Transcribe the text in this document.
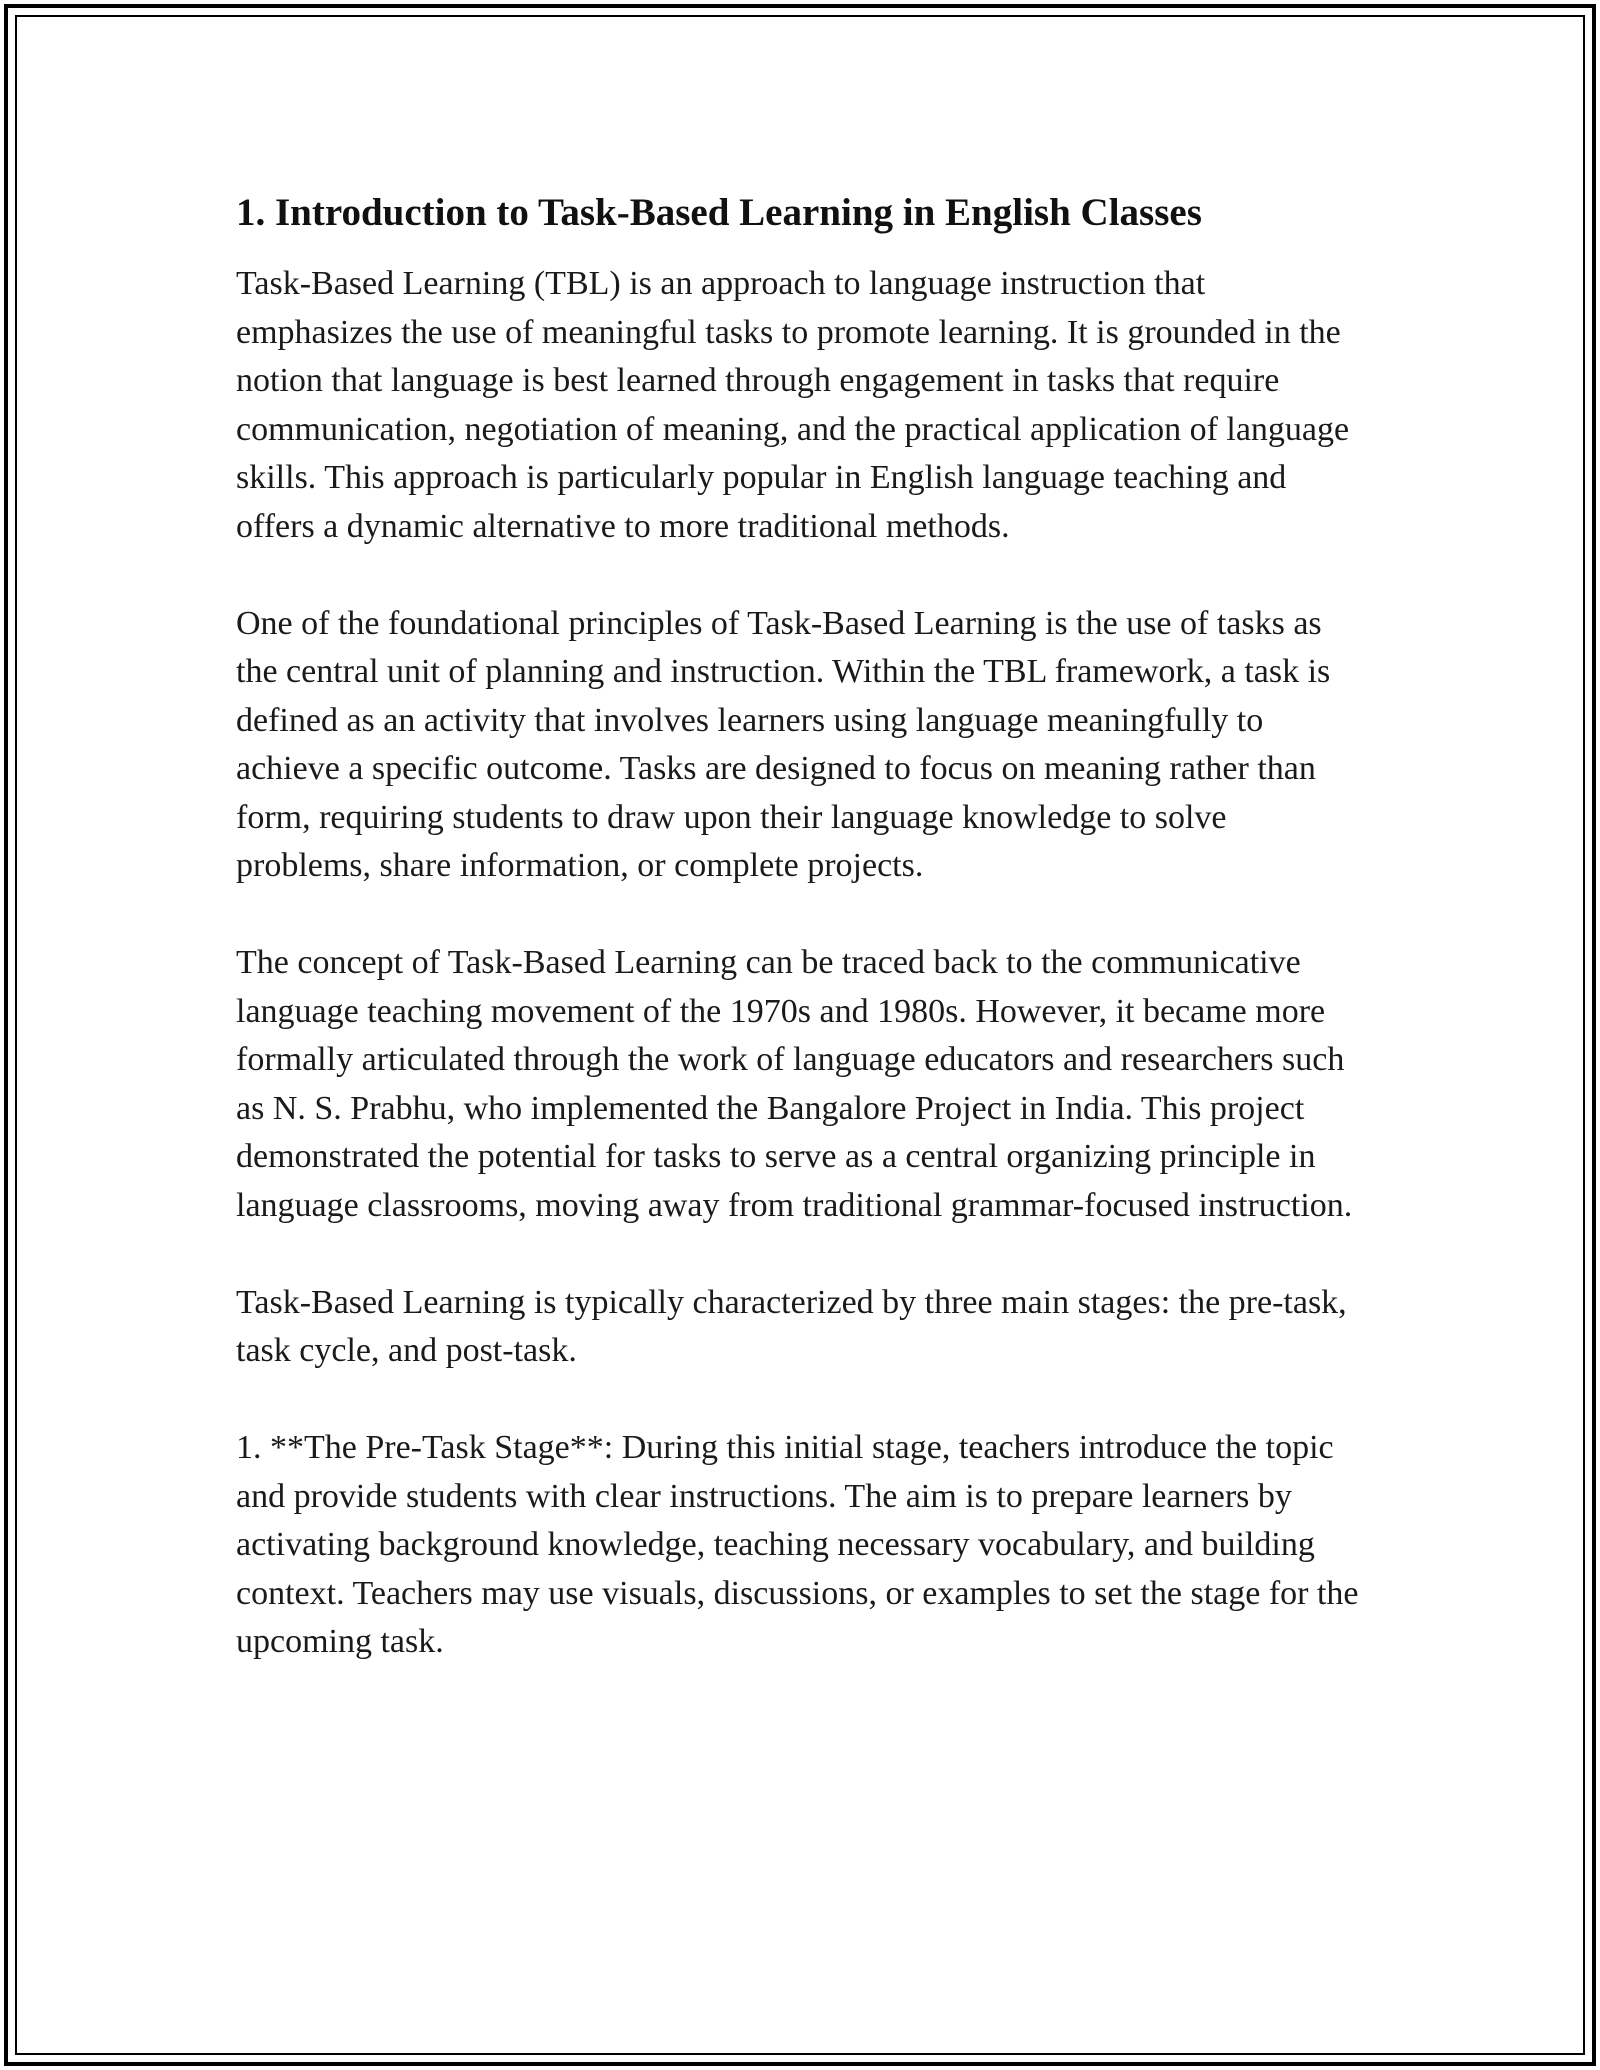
1. Introduction to Task-Based Learning in English Classes

Task-Based Learning (TBL) is an approach to language instruction that emphasizes the use of meaningful tasks to promote learning. It is grounded in the notion that language is best learned through engagement in tasks that require communication, negotiation of meaning, and the practical application of language skills. This approach is particularly popular in English language teaching and offers a dynamic alternative to more traditional methods.

One of the foundational principles of Task-Based Learning is the use of tasks as the central unit of planning and instruction. Within the TBL framework, a task is defined as an activity that involves learners using language meaningfully to achieve a specific outcome. Tasks are designed to focus on meaning rather than form, requiring students to draw upon their language knowledge to solve problems, share information, or complete projects.

The concept of Task-Based Learning can be traced back to the communicative language teaching movement of the 1970s and 1980s. However, it became more formally articulated through the work of language educators and researchers such as N. S. Prabhu, who implemented the Bangalore Project in India. This project demonstrated the potential for tasks to serve as a central organizing principle in language classrooms, moving away from traditional grammar-focused instruction.

Task-Based Learning is typically characterized by three main stages: the pre-task, task cycle, and post-task.

1. **The Pre-Task Stage**: During this initial stage, teachers introduce the topic and provide students with clear instructions. The aim is to prepare learners by activating background knowledge, teaching necessary vocabulary, and building context. Teachers may use visuals, discussions, or examples to set the stage for the upcoming task.
